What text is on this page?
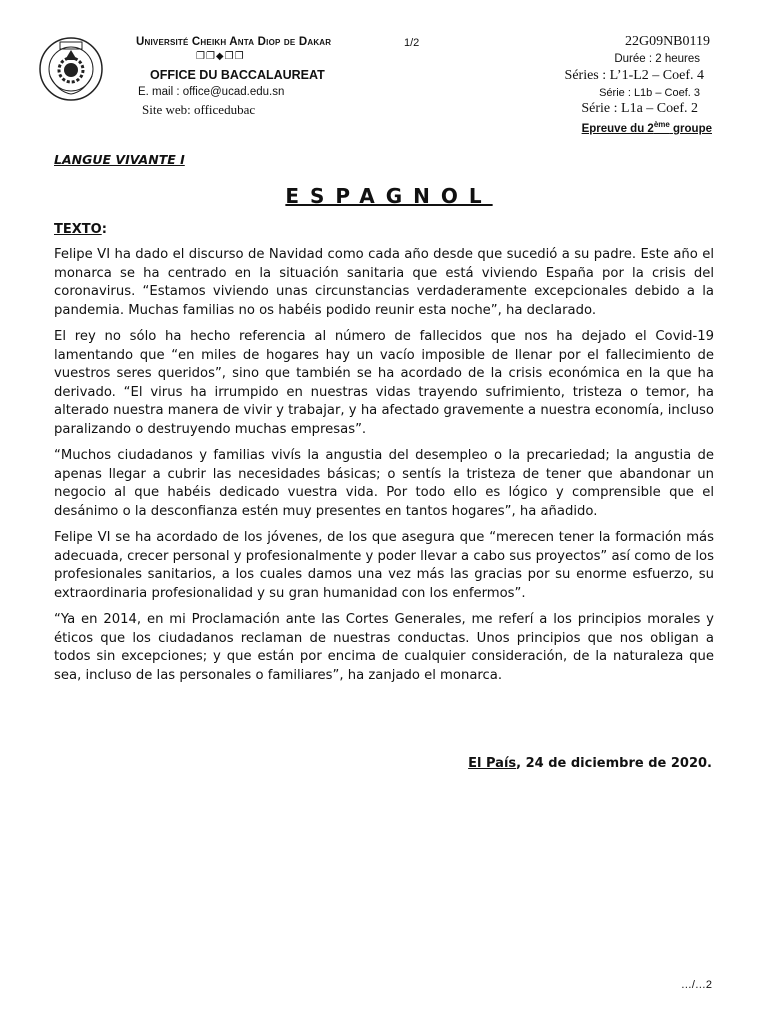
Université Cheikh Anta Diop de Dakar
❐❐◆❐❐
OFFICE DU BACCALAUREAT
E. mail : office@ucad.edu.sn
Site web: officedubac
1/2	22G09NB0119
Durée : 2 heures
Séries : L’1-L2 – Coef. 4
Série : L1b – Coef. 3
Série : L1a – Coef. 2
Epreuve du 2ème groupe
LANGUE VIVANTE I
ESPAGNOL
TEXTO:

Felipe VI ha dado el discurso de Navidad como cada año desde que sucedió a su padre. Este año el monarca se ha centrado en la situación sanitaria que está viviendo España por la crisis del coronavirus. “Estamos viviendo unas circunstancias verdaderamente excepcionales debido a la pandemia. Muchas familias no os habéis podido reunir esta noche”, ha declarado.

El rey no sólo ha hecho referencia al número de fallecidos que nos ha dejado el Covid-19 lamentando que “en miles de hogares hay un vacío imposible de llenar por el fallecimiento de vuestros seres queridos”, sino que también se ha acordado de la crisis económica en la que ha derivado. “El virus ha irrumpido en nuestras vidas trayendo sufrimiento, tristeza o temor, ha alterado nuestra manera de vivir y trabajar, y ha afectado gravemente a nuestra economía, incluso paralizando o destruyendo muchas empresas”.

“Muchos ciudadanos y familias vivís la angustia del desempleo o la precariedad; la angustia de apenas llegar a cubrir las necesidades básicas; o sentís la tristeza de tener que abandonar un negocio al que habéis dedicado vuestra vida. Por todo ello es lógico y comprensible que el desánimo o la desconfianza estén muy presentes en tantos hogares”, ha añadido.

Felipe VI se ha acordado de los jóvenes, de los que asegura que “merecen tener la formación más adecuada, crecer personal y profesionalmente y poder llevar a cabo sus proyectos” así como de los profesionales sanitarios, a los cuales damos una vez más las gracias por su enorme esfuerzo, su extraordinaria profesionalidad y su gran humanidad con los enfermos”.

“Ya en 2014, en mi Proclamación ante las Cortes Generales, me referí a los principios morales y éticos que los ciudadanos reclaman de nuestras conductas. Unos principios que nos obligan a todos sin excepciones; y que están por encima de cualquier consideración, de la naturaleza que sea, incluso de las personales o familiares”, ha zanjado el monarca.

El País, 24 de diciembre de 2020.
…/…2
